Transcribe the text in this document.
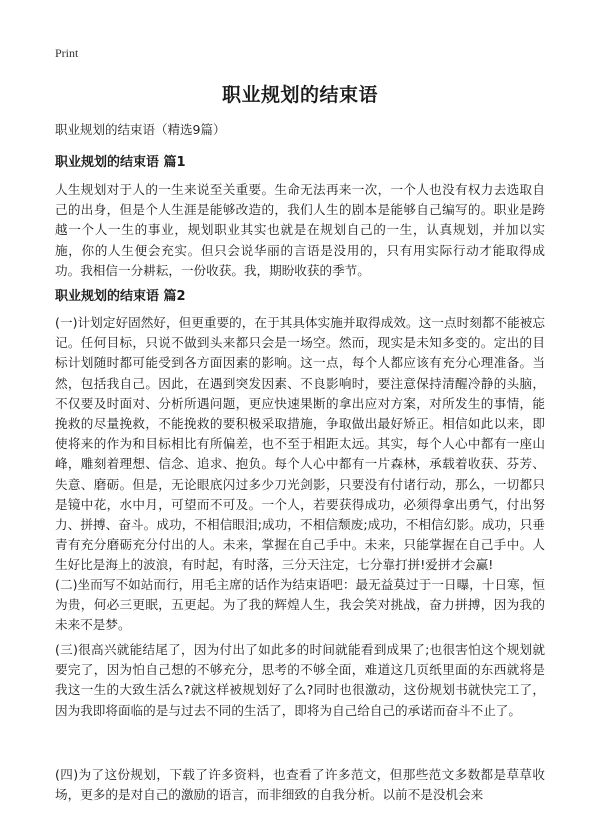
Print
职业规划的结束语

职业规划的结束语（精选9篇）

职业规划的结束语 篇1

人生规划对于人的一生来说至关重要。生命无法再来一次，一个人也没有权力去选取自己的出身，但是个人生涯是能够改造的，我们人生的剧本是能够自己编写的。职业是跨越一个人一生的事业，规划职业其实也就是在规划自己的一生，认真规划，并加以实施，你的人生便会充实。但只会说华丽的言语是没用的，只有用实际行动才能取得成功。我相信一分耕耘，一份收获。我，期盼收获的季节。

职业规划的结束语 篇2

(一)计划定好固然好，但更重要的，在于其具体实施并取得成效。这一点时刻都不能被忘记。任何目标，只说不做到头来都只会是一场空。然而，现实是未知多变的。定出的目标计划随时都可能受到各方面因素的影响。这一点，每个人都应该有充分心理准备。当然，包括我自己。因此，在遇到突发因素、不良影响时，要注意保持清醒冷静的头脑，不仅要及时面对、分析所遇问题，更应快速果断的拿出应对方案，对所发生的事情，能挽救的尽量挽救，不能挽救的要积极采取措施，争取做出最好矫正。相信如此以来，即使将来的作为和目标相比有所偏差，也不至于相距太远。其实，每个人心中都有一座山峰，雕刻着理想、信念、追求、抱负。每个人心中都有一片森林，承载着收获、芬芳、失意、磨砺。但是，无论眼底闪过多少刀光剑影，只要没有付诸行动，那么，一切都只是镜中花，水中月，可望而不可及。一个人，若要获得成功，必须得拿出勇气，付出努力、拼搏、奋斗。成功，不相信眼泪;成功，不相信颓废;成功，不相信幻影。成功，只垂青有充分磨砺充分付出的人。未来，掌握在自己手中。未来，只能掌握在自己手中。人生好比是海上的波浪，有时起，有时落，三分天注定，七分靠打拼!爱拼才会赢!

(二)坐而写不如站而行，用毛主席的话作为结束语吧：最无益莫过于一日曝，十日寒，恒为贵，何必三更眠，五更起。为了我的辉煌人生，我会笑对挑战，奋力拼搏，因为我的未来不是梦。

(三)很高兴就能结尾了，因为付出了如此多的时间就能看到成果了;也很害怕这个规划就要完了，因为怕自己想的不够充分，思考的不够全面，难道这几页纸里面的东西就将是我这一生的大致生活么?就这样被规划好了么?同时也很激动，这份规划书就快完工了，因为我即将面临的是与过去不同的生活了，即将为自己给自己的承诺而奋斗不止了。

(四)为了这份规划，下载了许多资料，也查看了许多范文，但那些范文多数都是草草收场，更多的是对自己的激励的语言，而非细致的自我分析。以前不是没机会来
